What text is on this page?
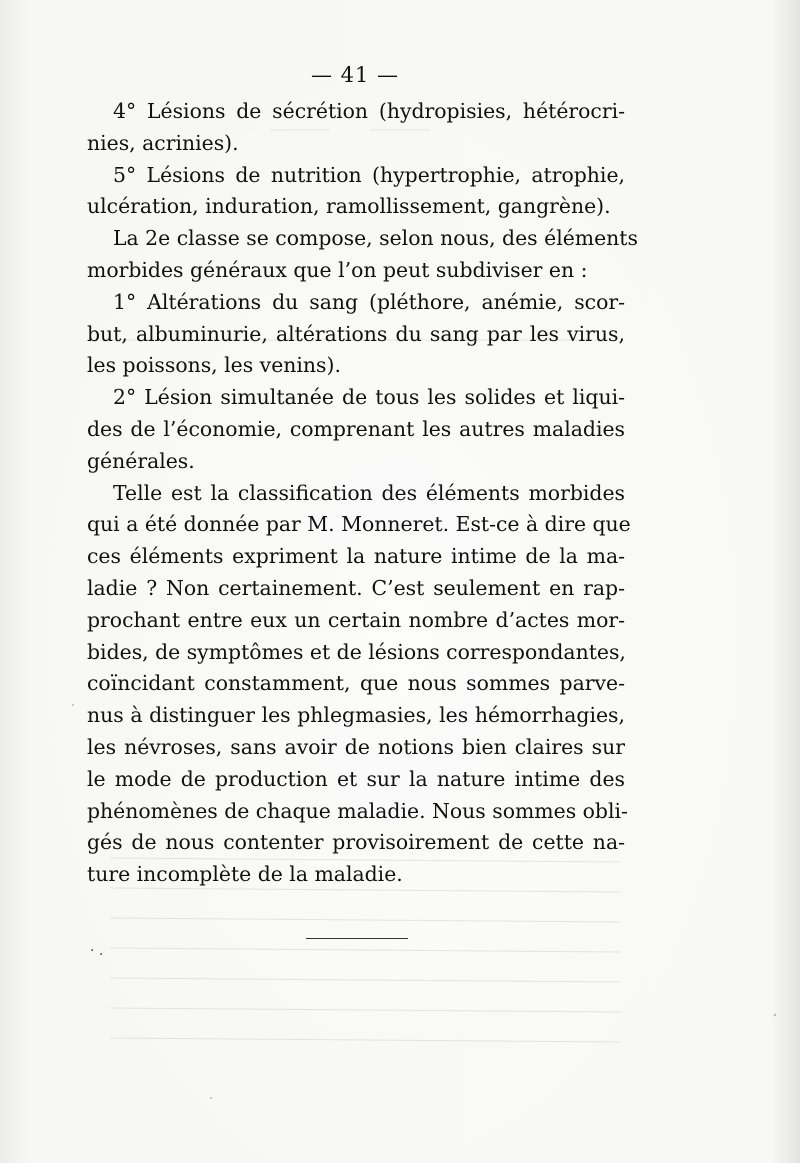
— 41 —
4° Lésions de sécrétion (hydropisies, hétérocri-
nies, acrinies).
5° Lésions de nutrition (hypertrophie, atrophie,
ulcération, induration, ramollissement, gangrène).
La 2e classe se compose, selon nous, des éléments
morbides généraux que l’on peut subdiviser en :
1° Altérations du sang (pléthore, anémie, scor-
but, albuminurie, altérations du sang par les virus,
les poissons, les venins).
2° Lésion simultanée de tous les solides et liqui-
des de l’économie, comprenant les autres maladies
générales.
Telle est la classification des éléments morbides
qui a été donnée par M. Monneret. Est-ce à dire que
ces éléments expriment la nature intime de la ma-
ladie ? Non certainement. C’est seulement en rap-
prochant entre eux un certain nombre d’actes mor-
bides, de symptômes et de lésions correspondantes,
coïncidant constamment, que nous sommes parve-
nus à distinguer les phlegmasies, les hémorrhagies,
les névroses, sans avoir de notions bien claires sur
le mode de production et sur la nature intime des
phénomènes de chaque maladie. Nous sommes obli-
gés de nous contenter provisoirement de cette na-
ture incomplète de la maladie.
· .
